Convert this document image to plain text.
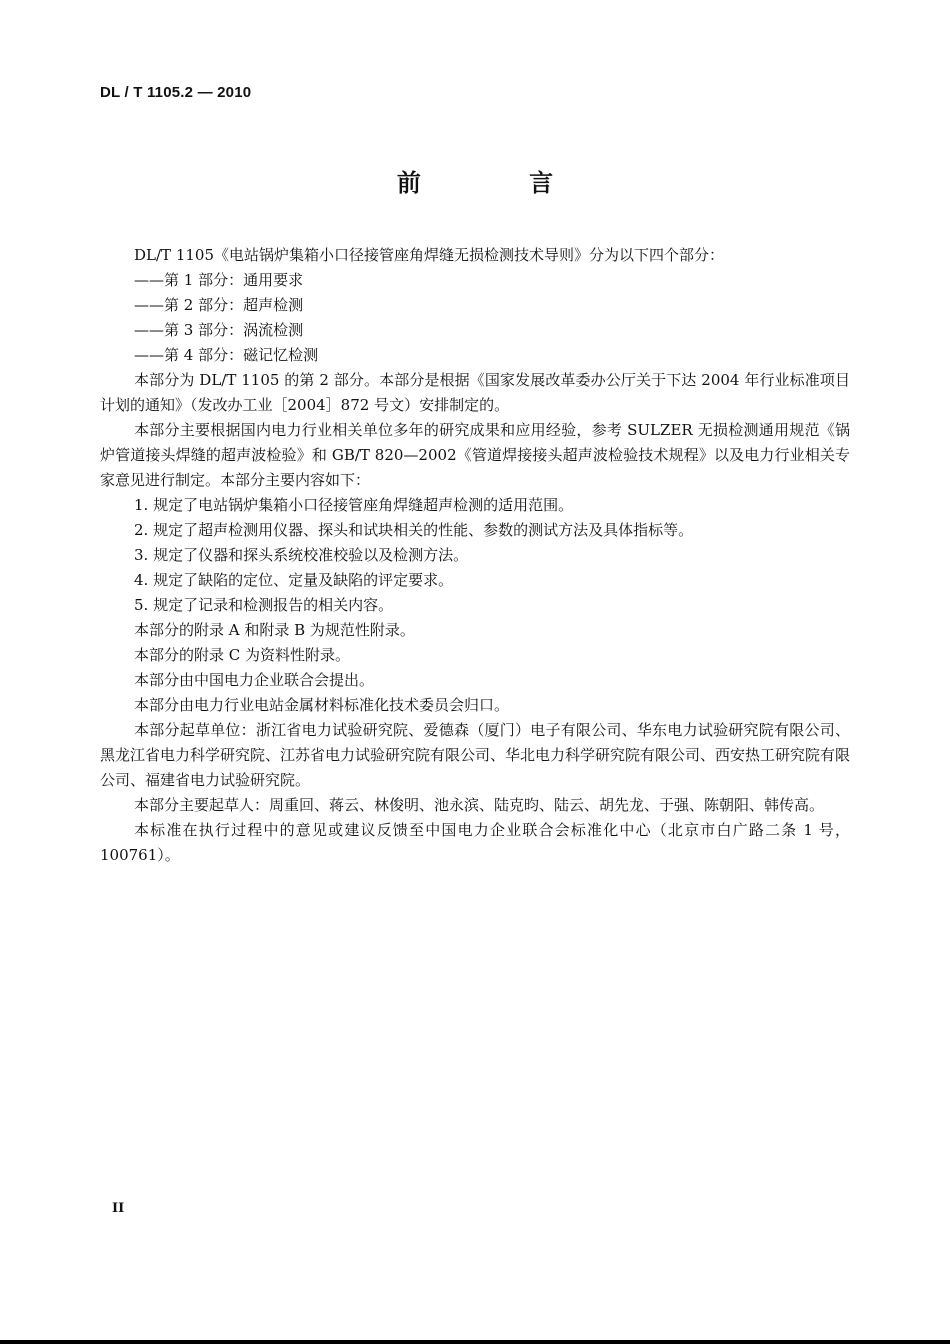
DL / T 1105.2 — 2010
前 言

DL/T 1105《电站锅炉集箱小口径接管座角焊缝无损检测技术导则》分为以下四个部分：

——第 1 部分：通用要求

——第 2 部分：超声检测

——第 3 部分：涡流检测

——第 4 部分：磁记忆检测

本部分为 DL/T 1105 的第 2 部分。本部分是根据《国家发展改革委办公厅关于下达 2004 年行业标准项目计划的通知》（发改办工业［2004］872 号文）安排制定的。

本部分主要根据国内电力行业相关单位多年的研究成果和应用经验，参考 SULZER 无损检测通用规范《锅炉管道接头焊缝的超声波检验》和 GB/T 820—2002《管道焊接接头超声波检验技术规程》以及电力行业相关专家意见进行制定。本部分主要内容如下：

1. 规定了电站锅炉集箱小口径接管座角焊缝超声检测的适用范围。

2. 规定了超声检测用仪器、探头和试块相关的性能、参数的测试方法及具体指标等。

3. 规定了仪器和探头系统校准校验以及检测方法。

4. 规定了缺陷的定位、定量及缺陷的评定要求。

5. 规定了记录和检测报告的相关内容。

本部分的附录 A 和附录 B 为规范性附录。

本部分的附录 C 为资料性附录。

本部分由中国电力企业联合会提出。

本部分由电力行业电站金属材料标准化技术委员会归口。

本部分起草单位：浙江省电力试验研究院、爱德森（厦门）电子有限公司、华东电力试验研究院有限公司、黑龙江省电力科学研究院、江苏省电力试验研究院有限公司、华北电力科学研究院有限公司、西安热工研究院有限公司、福建省电力试验研究院。

本部分主要起草人：周重回、蒋云、林俊明、池永滨、陆克昀、陆云、胡先龙、于强、陈朝阳、韩传高。

本标准在执行过程中的意见或建议反馈至中国电力企业联合会标准化中心（北京市白广路二条 1 号，100761）。

II
